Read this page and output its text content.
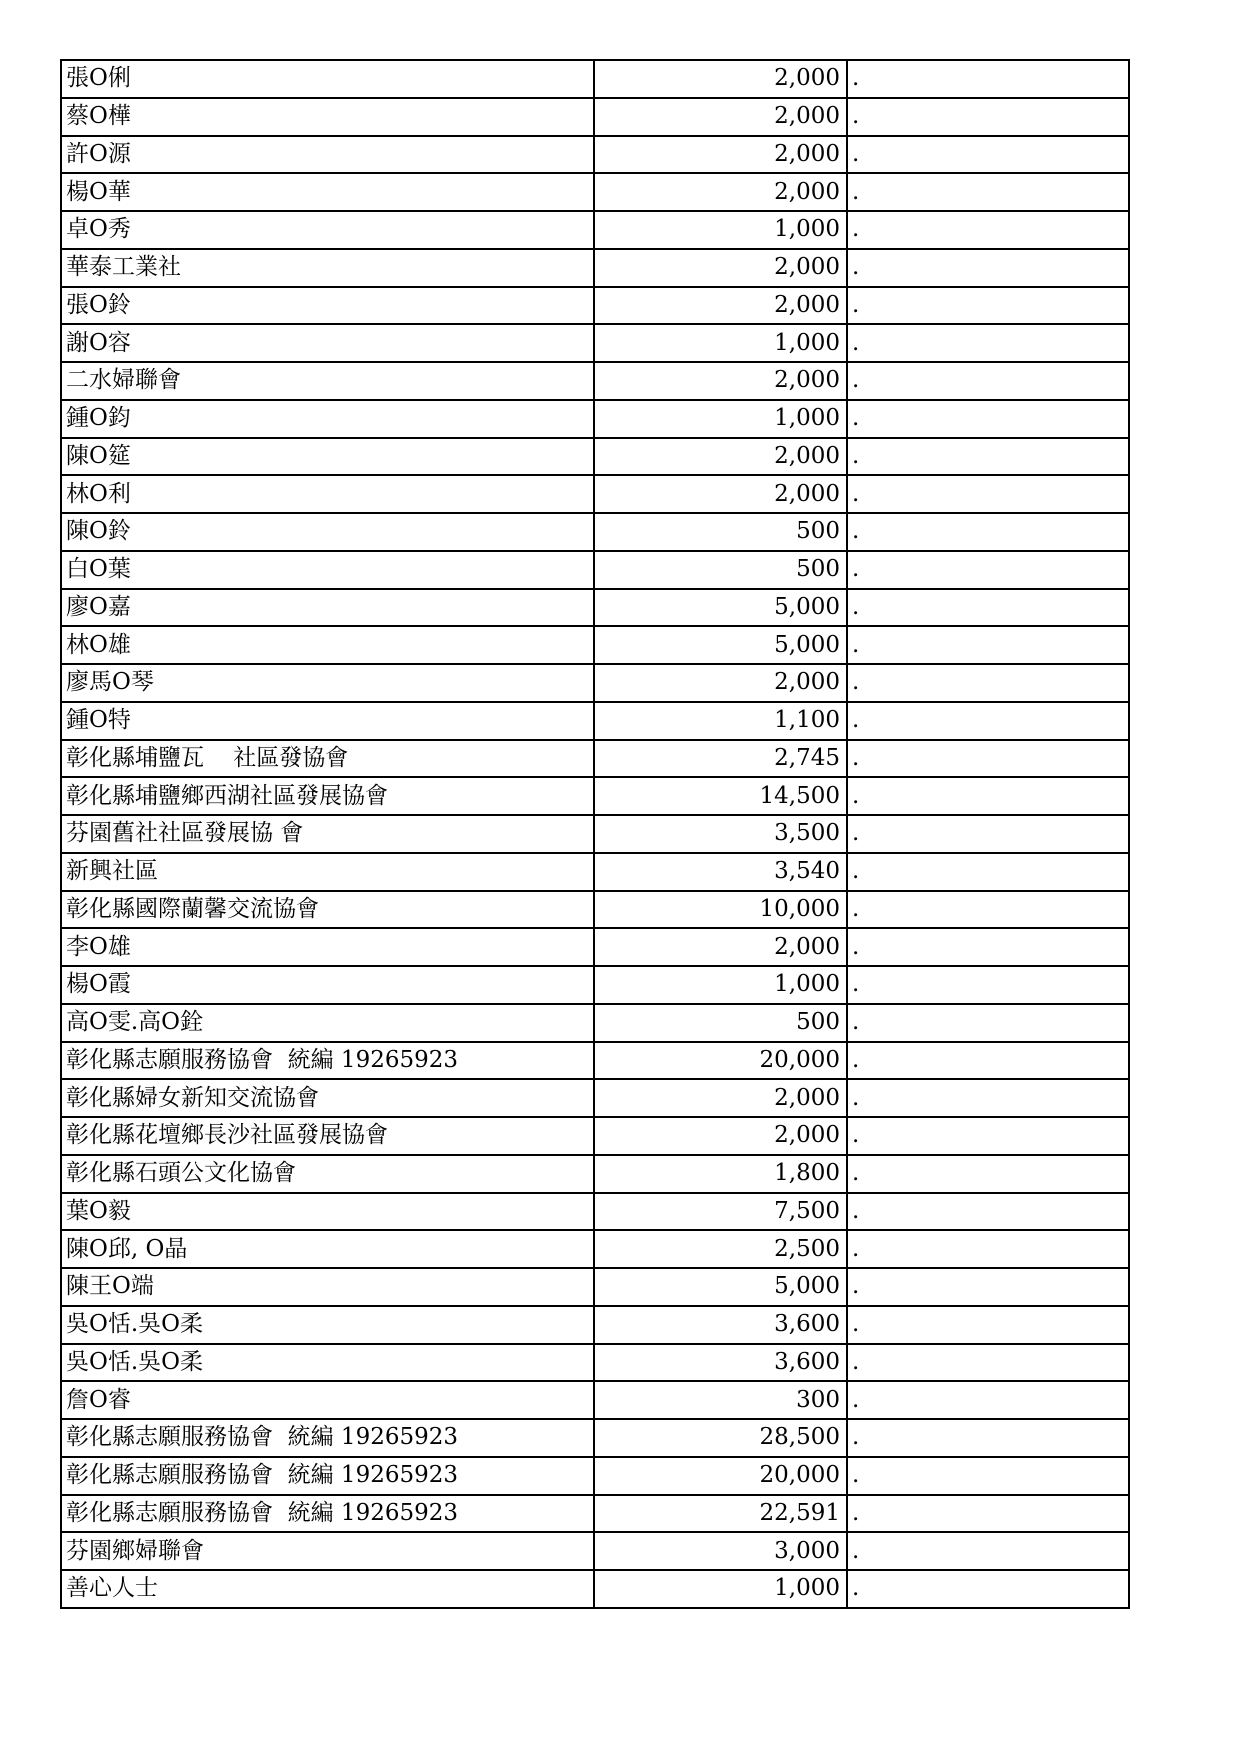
張O俐	2,000	.
蔡O樺	2,000	.
許O源	2,000	.
楊O華	2,000	.
卓O秀	1,000	.
華泰工業社	2,000	.
張O鈴	2,000	.
謝O容	1,000	.
二水婦聯會	2,000	.
鍾O鈞	1,000	.
陳O筵	2,000	.
林O利	2,000	.
陳O鈴	500	.
白O葉	500	.
廖O嘉	5,000	.
林O雄	5,000	.
廖馬O琴	2,000	.
鍾O特	1,100	.
彰化縣埔鹽瓦    社區發協會	2,745	.
彰化縣埔鹽鄉西湖社區發展協會	14,500	.
芬園舊社社區發展協 會	3,500	.
新興社區	3,540	.
彰化縣國際蘭馨交流協會	10,000	.
李O雄	2,000	.
楊O霞	1,000	.
高O雯.高O銓	500	.
彰化縣志願服務協會  統編 19265923	20,000	.
彰化縣婦女新知交流協會	2,000	.
彰化縣花壇鄉長沙社區發展協會	2,000	.
彰化縣石頭公文化協會	1,800	.
葉O毅	7,500	.
陳O邱, O晶	2,500	.
陳王O端	5,000	.
吳O恬.吳O柔	3,600	.
吳O恬.吳O柔	3,600	.
詹O睿	300	.
彰化縣志願服務協會  統編 19265923	28,500	.
彰化縣志願服務協會  統編 19265923	20,000	.
彰化縣志願服務協會  統編 19265923	22,591	.
芬園鄉婦聯會	3,000	.
善心人士	1,000	.
